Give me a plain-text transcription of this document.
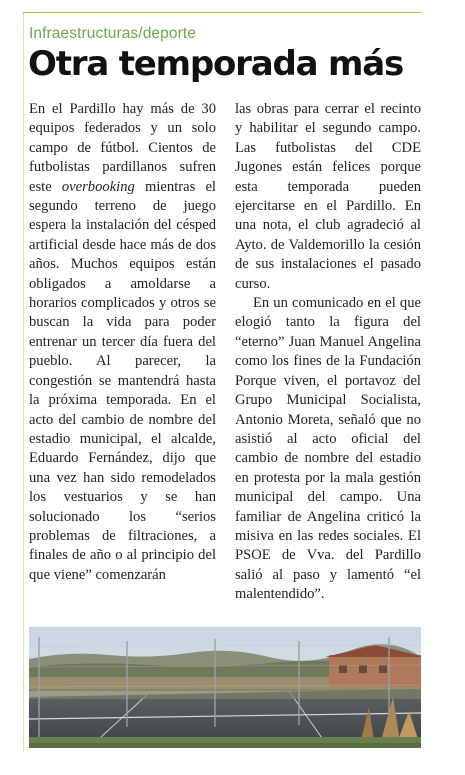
Infraestructuras/deporte
Otra temporada más

En el Pardillo hay más de 30 equipos federados y un solo campo de fútbol. Cientos de futbolistas pardillanos sufren este overbooking mientras el segundo terreno de juego espera la instalación del césped artificial desde hace más de dos años. Muchos equipos están obligados a amoldarse a horarios complicados y otros se buscan la vida para poder entrenar un tercer día fuera del pueblo. Al parecer, la congestión se mantendrá hasta la próxima temporada. En el acto del cambio de nombre del estadio municipal, el alcalde, Eduardo Fernández, dijo que una vez han sido remodelados los vestuarios y se han solucionado los “serios problemas de filtraciones, a finales de año o al principio del que viene” comenzarán

las obras para cerrar el recinto y habilitar el segundo campo. Las futbolistas del CDE Jugones están felices porque esta temporada pueden ejercitarse en el Pardillo. En una nota, el club agradeció al Ayto. de Valdemorillo la cesión de sus instalaciones el pasado curso.

En un comunicado en el que elogió tanto la figura del “eterno” Juan Manuel Angelina como los fines de la Fundación Porque viven, el portavoz del Grupo Municipal Socialista, Antonio Moreta, señaló que no asistió al acto oficial del cambio de nombre del estadio en protesta por la mala gestión municipal del campo. Una familiar de Angelina criticó la misiva en las redes sociales. El PSOE de Vva. del Pardillo salió al paso y lamentó “el malentendido”.
